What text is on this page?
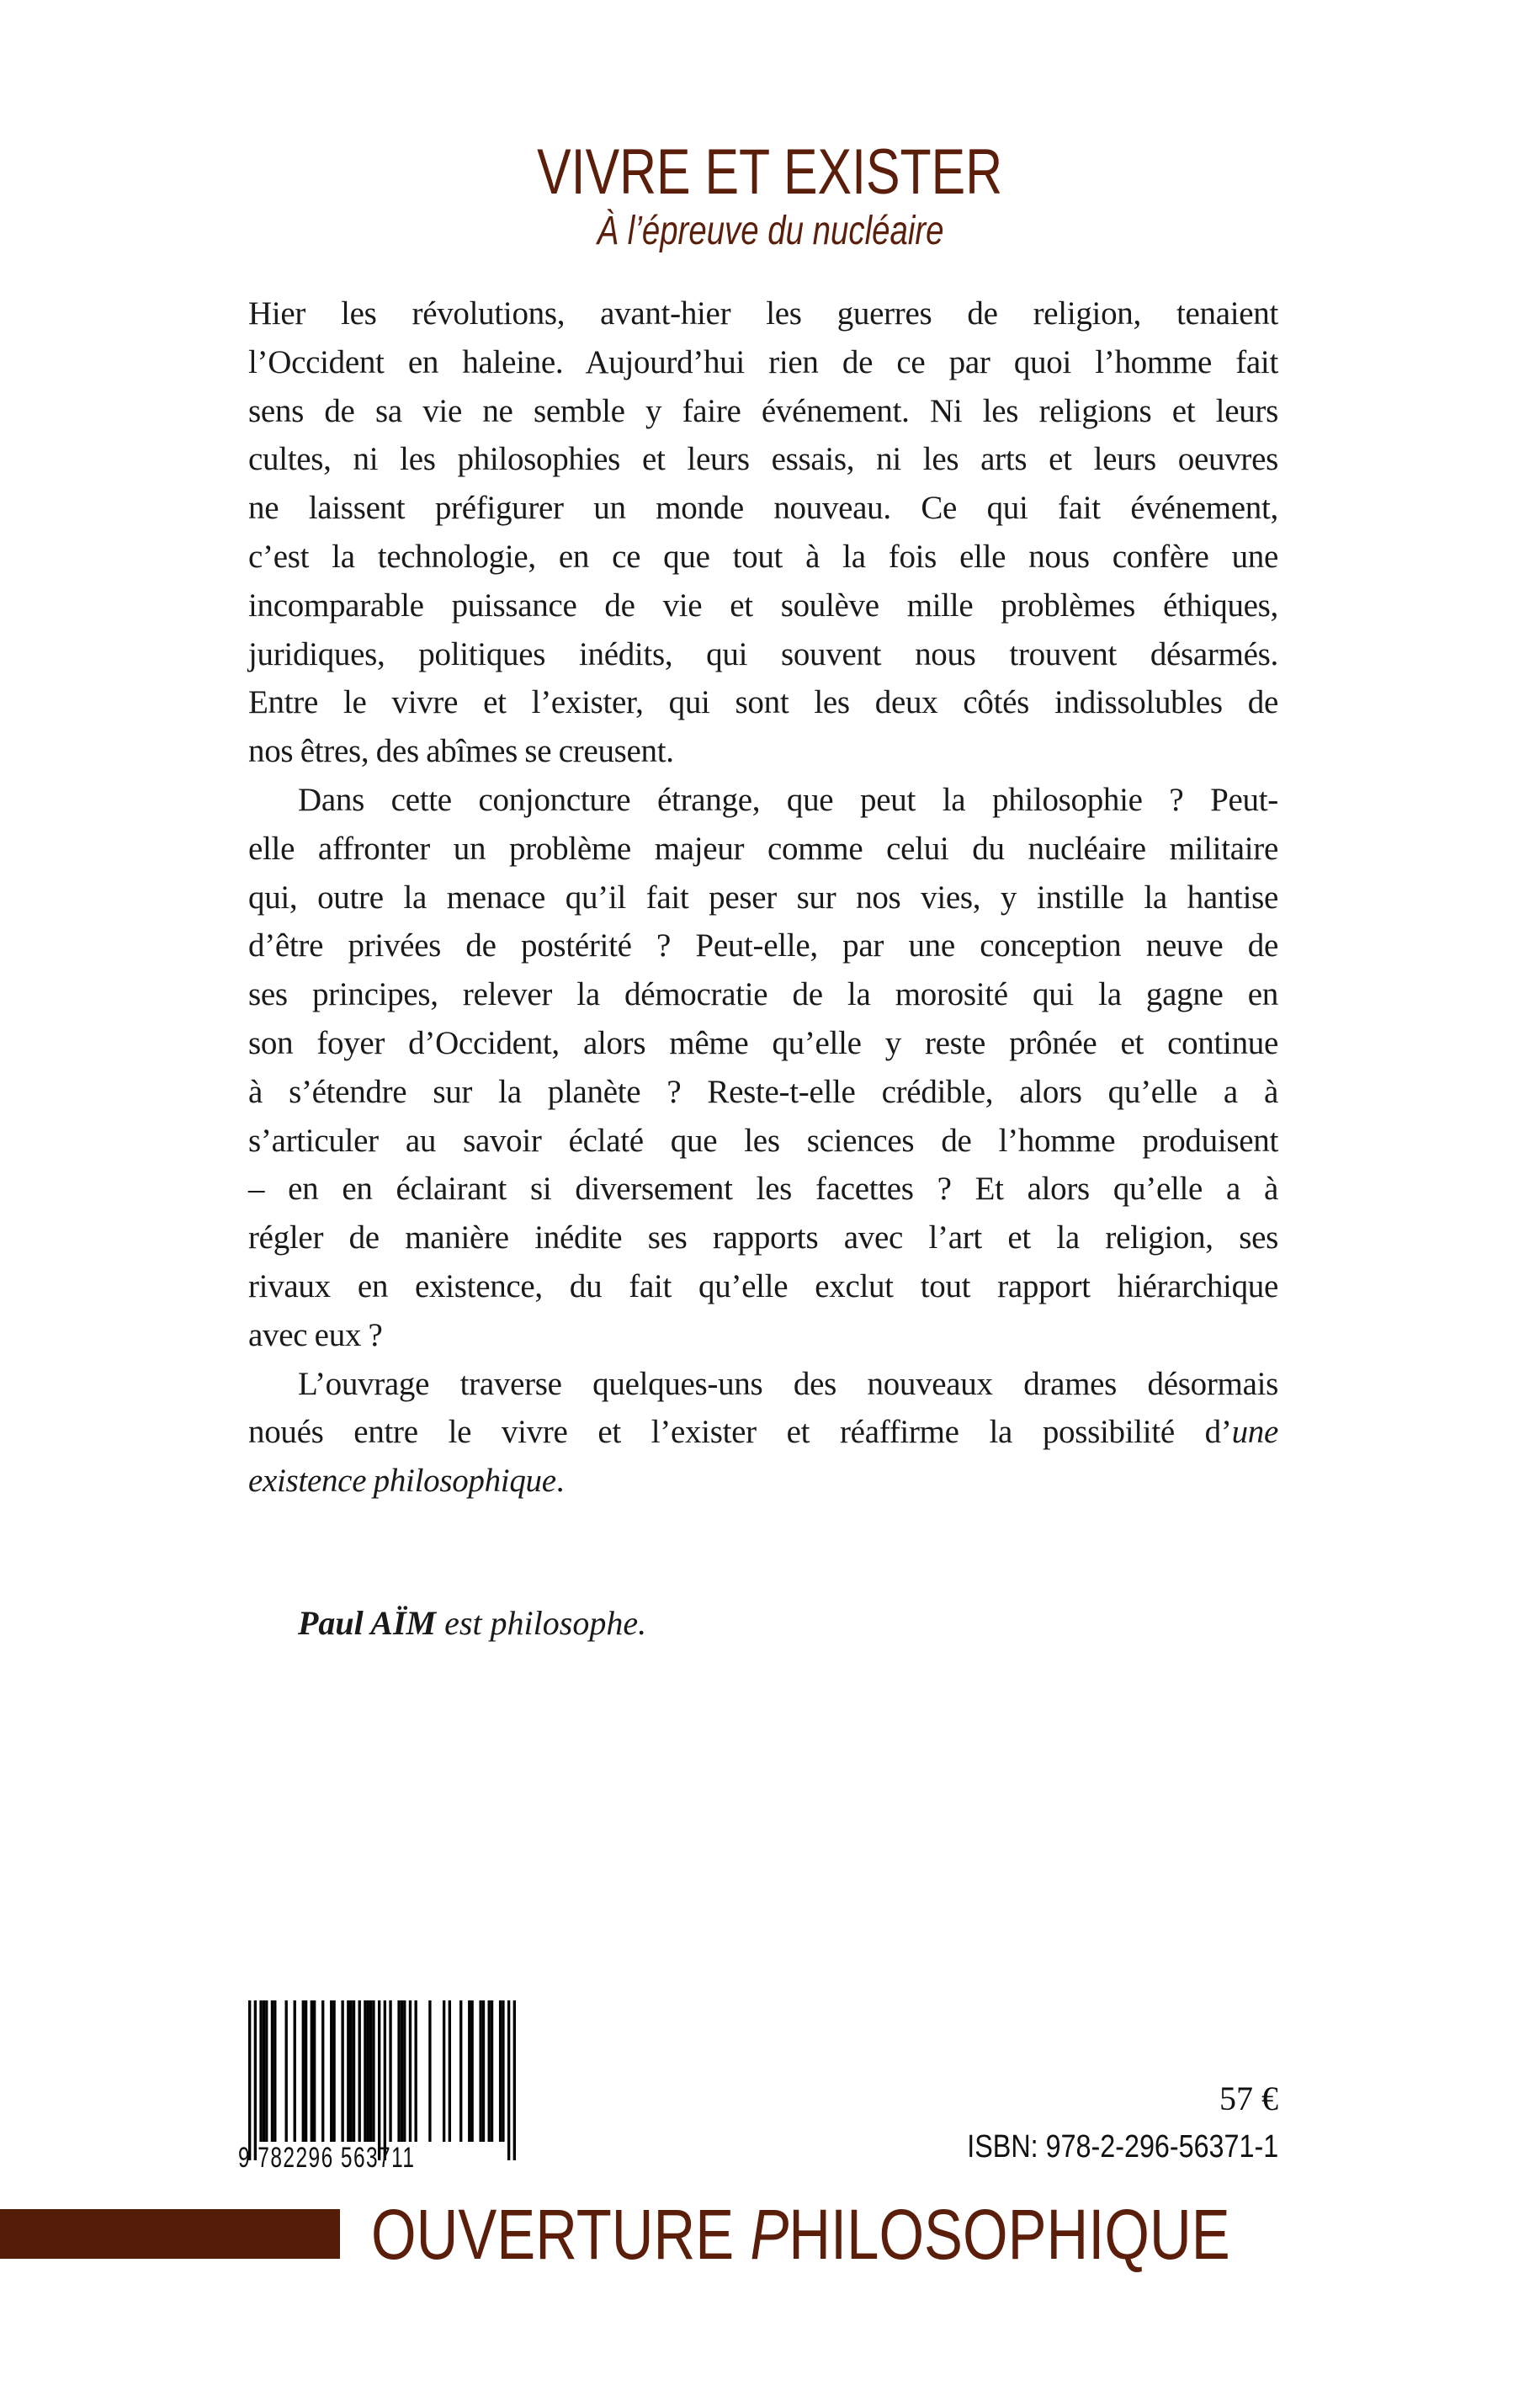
VIVRE ET EXISTER
À l’épreuve du nucléaire
Hier les révolutions, avant-hier les guerres de religion, tenaient
l’Occident en haleine. Aujourd’hui rien de ce par quoi l’homme fait
sens de sa vie ne semble y faire événement. Ni les religions et leurs
cultes, ni les philosophies et leurs essais, ni les arts et leurs oeuvres
ne laissent préfigurer un monde nouveau. Ce qui fait événement,
c’est la technologie, en ce que tout à la fois elle nous confère une
incomparable puissance de vie et soulève mille problèmes éthiques,
juridiques, politiques inédits, qui souvent nous trouvent désarmés.
Entre le vivre et l’exister, qui sont les deux côtés indissolubles de
nos êtres, des abîmes se creusent.
Dans cette conjoncture étrange, que peut la philosophie ? Peut-
elle affronter un problème majeur comme celui du nucléaire militaire
qui, outre la menace qu’il fait peser sur nos vies, y instille la hantise
d’être privées de postérité ? Peut-elle, par une conception neuve de
ses principes, relever la démocratie de la morosité qui la gagne en
son foyer d’Occident, alors même qu’elle y reste prônée et continue
à s’étendre sur la planète ? Reste-t-elle crédible, alors qu’elle a à
s’articuler au savoir éclaté que les sciences de l’homme produisent
– en en éclairant si diversement les facettes ? Et alors qu’elle a à
régler de manière inédite ses rapports avec l’art et la religion, ses
rivaux en existence, du fait qu’elle exclut tout rapport hiérarchique
avec eux ?
L’ouvrage traverse quelques-uns des nouveaux drames désormais
noués entre le vivre et l’exister et réaffirme la possibilité d’une
existence philosophique.
Paul AÏM est philosophe.
9 782296 563711
57 €
ISBN: 978-2-296-56371-1
OUVERTURE PHILOSOPHIQUE
